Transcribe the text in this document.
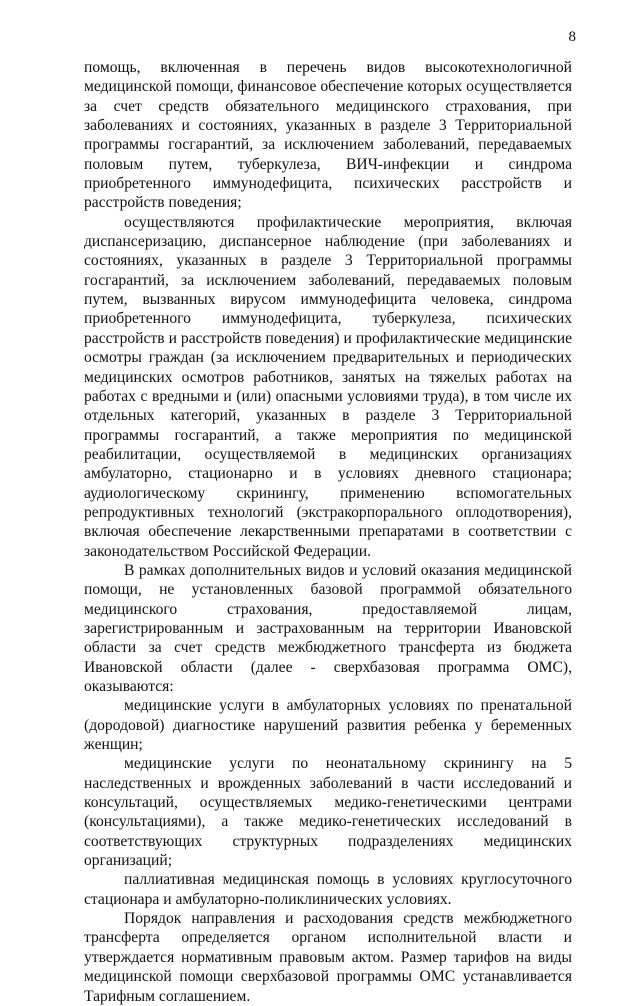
8

помощь, включенная в перечень видов высокотехнологичной медицинской помощи, финансовое обеспечение которых осуществляется за счет средств обязательного медицинского страхования, при заболеваниях и состояниях, указанных в разделе 3 Территориальной программы госгарантий, за исключением заболеваний, передаваемых половым путем, туберкулеза, ВИЧ-инфекции и синдрома приобретенного иммунодефицита, психических расстройств и расстройств поведения;

осуществляются профилактические мероприятия, включая диспансеризацию, диспансерное наблюдение (при заболеваниях и состояниях, указанных в разделе 3 Территориальной программы госгарантий, за исключением заболеваний, передаваемых половым путем, вызванных вирусом иммунодефицита человека, синдрома приобретенного иммунодефицита, туберкулеза, психических расстройств и расстройств поведения) и профилактические медицинские осмотры граждан (за исключением предварительных и периодических медицинских осмотров работников, занятых на тяжелых работах на работах с вредными и (или) опасными условиями труда), в том числе их отдельных категорий, указанных в разделе 3 Территориальной программы госгарантий, а также мероприятия по медицинской реабилитации, осуществляемой в медицинских организациях амбулаторно, стационарно и в условиях дневного стационара; аудиологическому скринингу, применению вспомогательных репродуктивных технологий (экстракорпорального оплодотворения), включая обеспечение лекарственными препаратами в соответствии с законодательством Российской Федерации.

В рамках дополнительных видов и условий оказания медицинской помощи, не установленных базовой программой обязательного медицинского страхования, предоставляемой лицам, зарегистрированным и застрахованным на территории Ивановской области за счет средств межбюджетного трансферта из бюджета Ивановской области (далее - сверхбазовая программа ОМС), оказываются:

медицинские услуги в амбулаторных условиях по пренатальной (дородовой) диагностике нарушений развития ребенка у беременных женщин;

медицинские услуги по неонатальному скринингу на 5 наследственных и врожденных заболеваний в части исследований и консультаций, осуществляемых медико-генетическими центрами (консультациями), а также медико-генетических исследований в соответствующих структурных подразделениях медицинских организаций;

паллиативная медицинская помощь в условиях круглосуточного стационара и амбулаторно-поликлинических условиях.

Порядок направления и расходования средств межбюджетного трансферта определяется органом исполнительной власти и утверждается нормативным правовым актом. Размер тарифов на виды медицинской помощи сверхбазовой программы ОМС устанавливается Тарифным соглашением.
